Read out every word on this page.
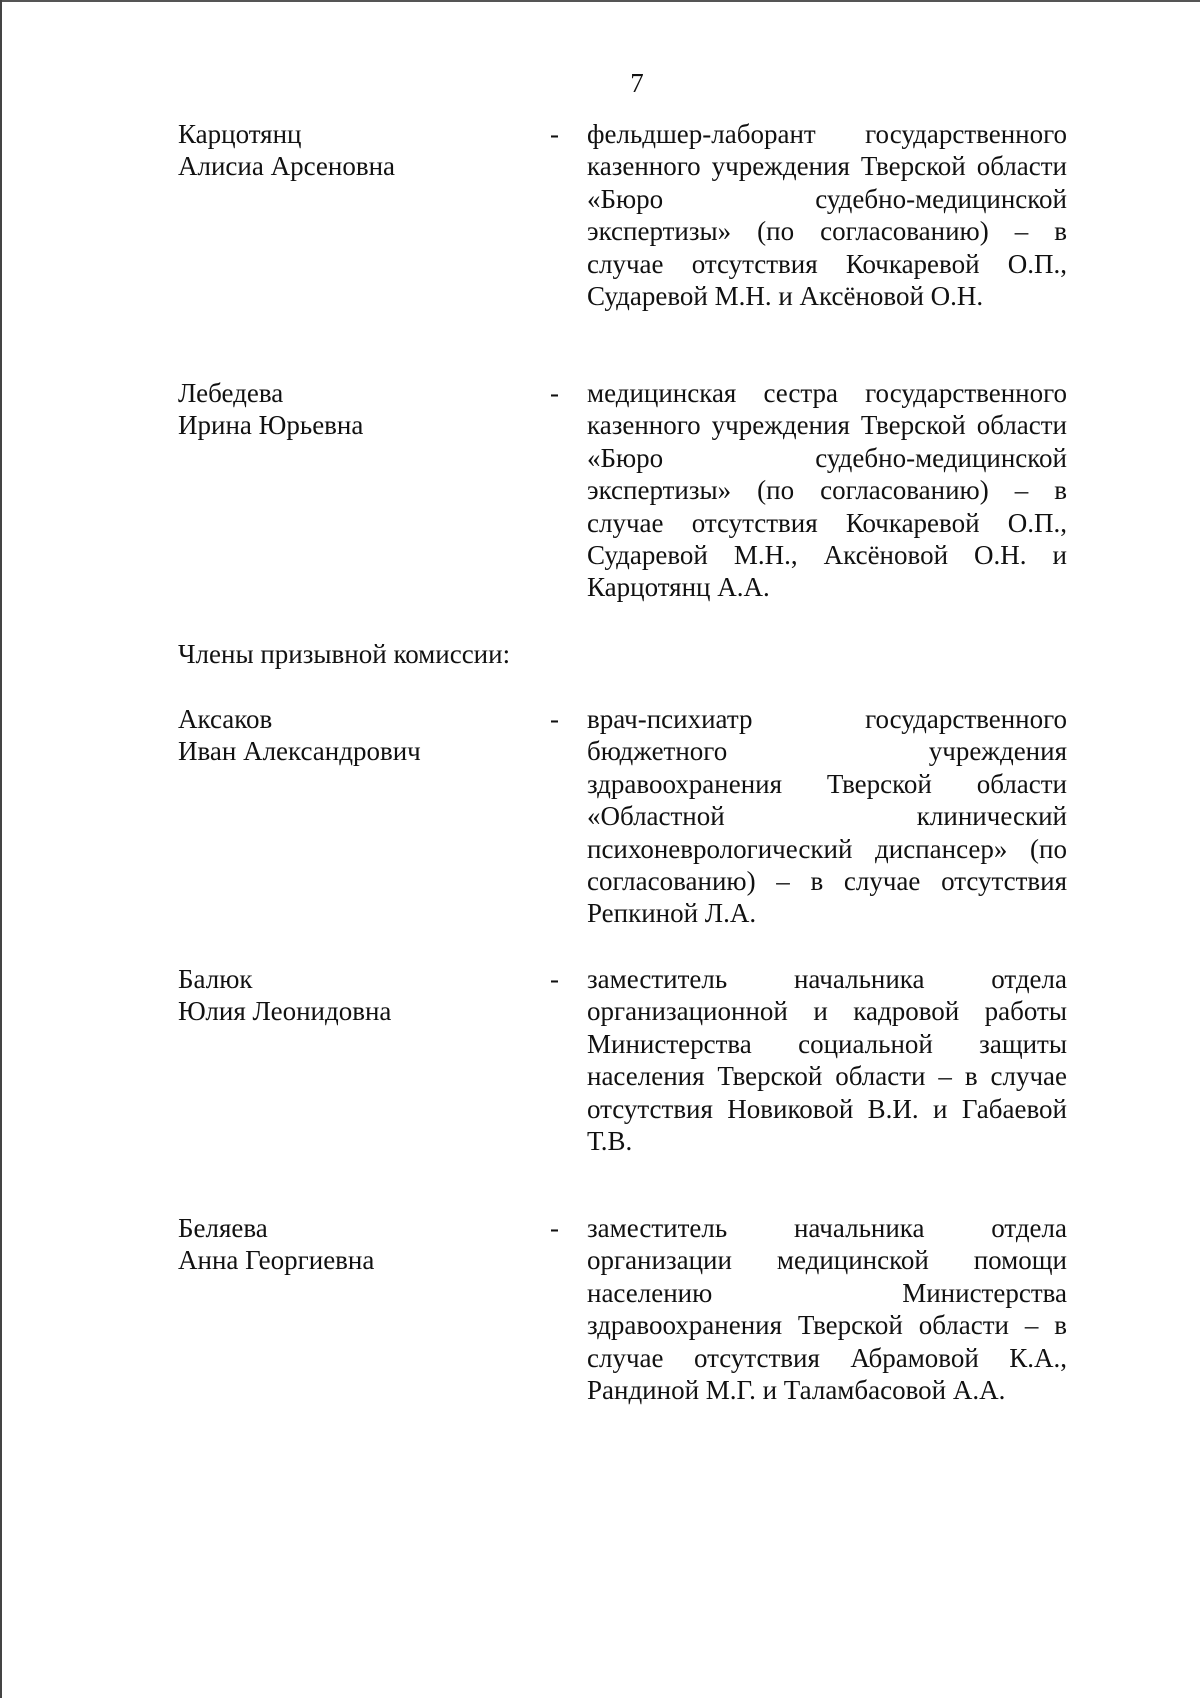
7
Карцотянц
Алисиа Арсеновна
- фельдшер-лаборант государственного казенного учреждения Тверской области «Бюро судебно-медицинской экспертизы» (по согласованию) – в случае отсутствия Кочкаревой О.П., Сударевой М.Н. и Аксёновой О.Н.
Лебедева
Ирина Юрьевна
- медицинская сестра государственного казенного учреждения Тверской области «Бюро судебно-медицинской экспертизы» (по согласованию) – в случае отсутствия Кочкаревой О.П., Сударевой М.Н., Аксёновой О.Н. и Карцотянц А.А.
Члены призывной комиссии:
Аксаков
Иван Александрович
- врач-психиатр государственного бюджетного учреждения здравоохранения Тверской области «Областной клинический психоневрологический диспансер» (по согласованию) – в случае отсутствия Репкиной Л.А.
Балюк
Юлия Леонидовна
- заместитель начальника отдела организационной и кадровой работы Министерства социальной защиты населения Тверской области – в случае отсутствия Новиковой В.И. и Габаевой Т.В.
Беляева
Анна Георгиевна
- заместитель начальника отдела организации медицинской помощи населению Министерства здравоохранения Тверской области – в случае отсутствия Абрамовой К.А., Рандиной М.Г. и Таламбасовой А.А.
